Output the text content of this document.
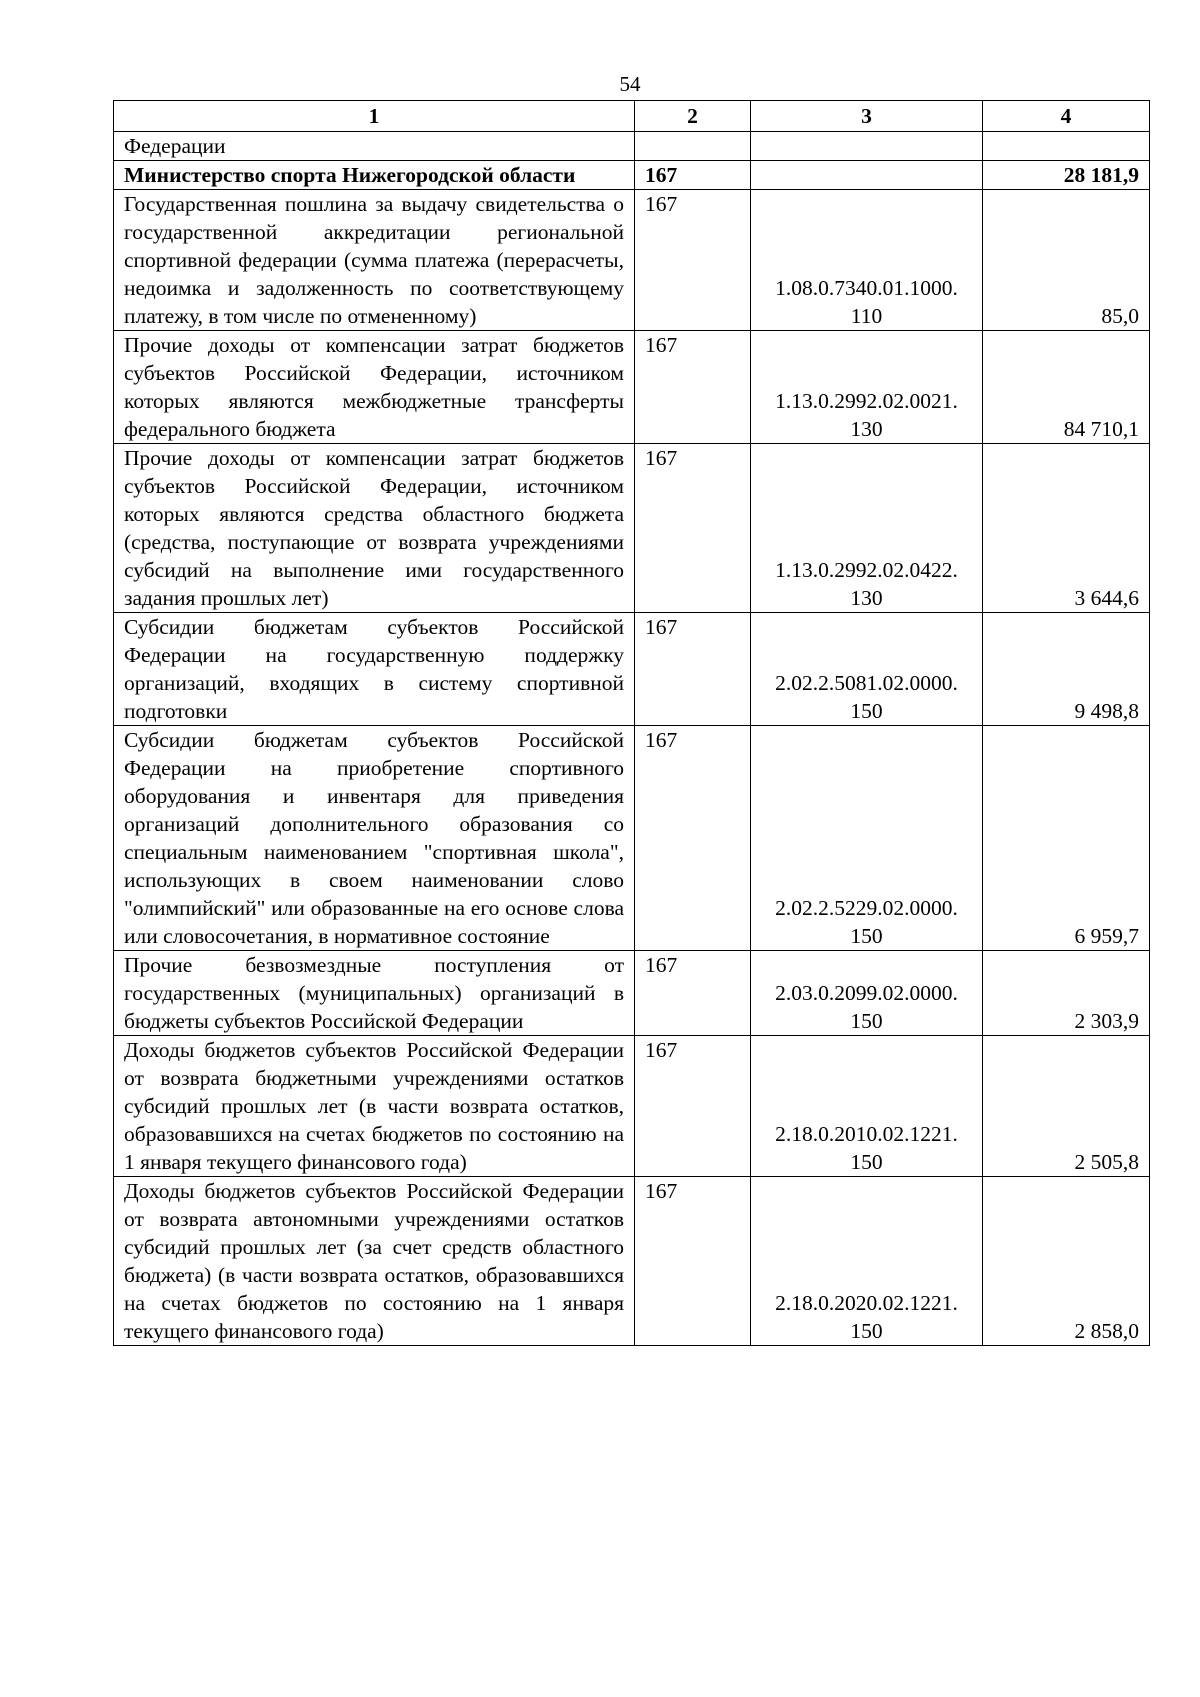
54
1	2	3	4
Федерации			
Министерство спорта Нижегородской области	167		28 181,9
Государственная пошлина за выдачу свидетельства о государственной аккредитации региональной спортивной федерации (сумма платежа (перерасчеты, недоимка и задолженность по соответствующему платежу, в том числе по отмененному)	167	1.08.0.7340.01.1000. 110	85,0
Прочие доходы от компенсации затрат бюджетов субъектов Российской Федерации, источником которых являются межбюджетные трансферты федерального бюджета	167	1.13.0.2992.02.0021. 130	84 710,1
Прочие доходы от компенсации затрат бюджетов субъектов Российской Федерации, источником которых являются средства областного бюджета (средства, поступающие от возврата учреждениями субсидий на выполнение ими государственного задания прошлых лет)	167	1.13.0.2992.02.0422. 130	3 644,6
Субсидии бюджетам субъектов Российской Федерации на государственную поддержку организаций, входящих в систему спортивной подготовки	167	2.02.2.5081.02.0000. 150	9 498,8
Субсидии бюджетам субъектов Российской Федерации на приобретение спортивного оборудования и инвентаря для приведения организаций дополнительного образования со специальным наименованием "спортивная школа", использующих в своем наименовании слово "олимпийский" или образованные на его основе слова или словосочетания, в нормативное состояние	167	2.02.2.5229.02.0000. 150	6 959,7
Прочие безвозмездные поступления от государственных (муниципальных) организаций в бюджеты субъектов Российской Федерации	167	2.03.0.2099.02.0000. 150	2 303,9
Доходы бюджетов субъектов Российской Федерации от возврата бюджетными учреждениями остатков субсидий прошлых лет (в части возврата остатков, образовавшихся на счетах бюджетов по состоянию на 1 января текущего финансового года)	167	2.18.0.2010.02.1221. 150	2 505,8
Доходы бюджетов субъектов Российской Федерации от возврата автономными учреждениями остатков субсидий прошлых лет (за счет средств областного бюджета) (в части возврата остатков, образовавшихся на счетах бюджетов по состоянию на 1 января текущего финансового года)	167	2.18.0.2020.02.1221. 150	2 858,0
